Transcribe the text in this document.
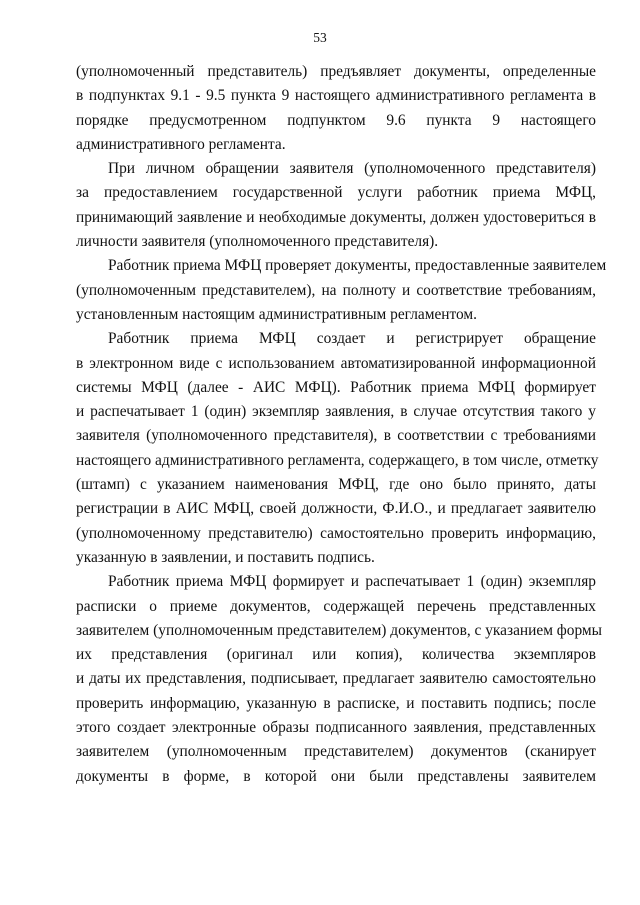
53
(уполномоченный представитель) предъявляет документы, определенные
в подпунктах 9.1 - 9.5 пункта 9 настоящего административного регламента в
порядке предусмотренном подпунктом 9.6 пункта 9 настоящего
административного регламента.
При личном обращении заявителя (уполномоченного представителя)
за предоставлением государственной услуги работник приема МФЦ,
принимающий заявление и необходимые документы, должен удостовериться в
личности заявителя (уполномоченного представителя).
Работник приема МФЦ проверяет документы, предоставленные заявителем
(уполномоченным представителем), на полноту и соответствие требованиям,
установленным настоящим административным регламентом.
Работник приема МФЦ создает и регистрирует обращение
в электронном виде с использованием автоматизированной информационной
системы МФЦ (далее - АИС МФЦ). Работник приема МФЦ формирует
и распечатывает 1 (один) экземпляр заявления, в случае отсутствия такого у
заявителя (уполномоченного представителя), в соответствии с требованиями
настоящего административного регламента, содержащего, в том числе, отметку
(штамп) с указанием наименования МФЦ, где оно было принято, даты
регистрации в АИС МФЦ, своей должности, Ф.И.О., и предлагает заявителю
(уполномоченному представителю) самостоятельно проверить информацию,
указанную в заявлении, и поставить подпись.
Работник приема МФЦ формирует и распечатывает 1 (один) экземпляр
расписки о приеме документов, содержащей перечень представленных
заявителем (уполномоченным представителем) документов, с указанием формы
их представления (оригинал или копия), количества экземпляров
и даты их представления, подписывает, предлагает заявителю самостоятельно
проверить информацию, указанную в расписке, и поставить подпись; после
этого создает электронные образы подписанного заявления, представленных
заявителем (уполномоченным представителем) документов (сканирует
документы в форме, в которой они были представлены заявителем
